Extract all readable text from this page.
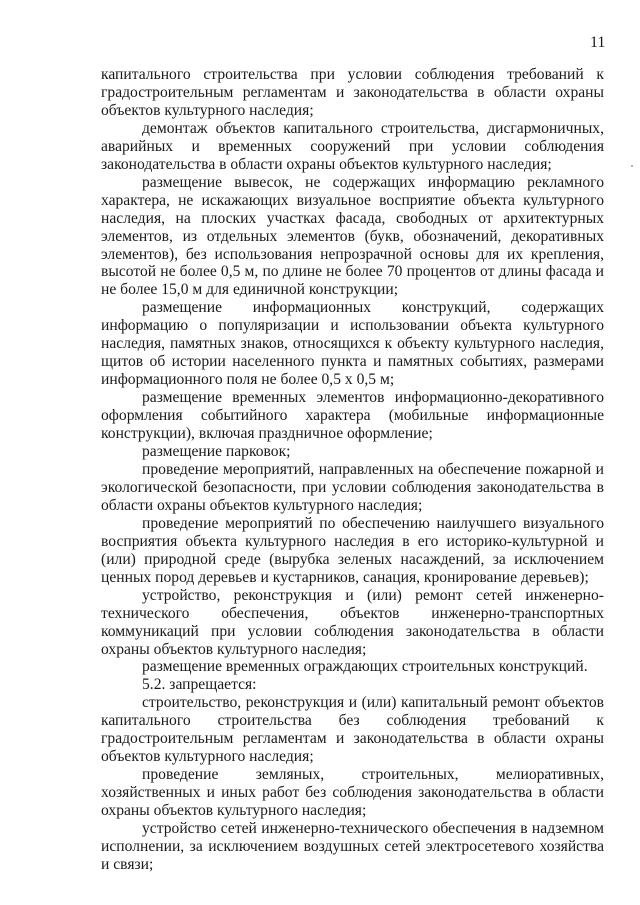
11

капитального строительства при условии соблюдения требований к градостроительным регламентам и законодательства в области охраны объектов культурного наследия;

демонтаж объектов капитального строительства, дисгармоничных, аварийных и временных сооружений при условии соблюдения законодательства в области охраны объектов культурного наследия;

размещение вывесок, не содержащих информацию рекламного характера, не искажающих визуальное восприятие объекта культурного наследия, на плоских участках фасада, свободных от архитектурных элементов, из отдельных элементов (букв, обозначений, декоративных элементов), без использования непрозрачной основы для их крепления, высотой не более 0,5 м, по длине не более 70 процентов от длины фасада и не более 15,0 м для единичной конструкции;

размещение информационных конструкций, содержащих информацию о популяризации и использовании объекта культурного наследия, памятных знаков, относящихся к объекту культурного наследия, щитов об истории населенного пункта и памятных событиях, размерами информационного поля не более 0,5 х 0,5 м;

размещение временных элементов информационно-декоративного оформления событийного характера (мобильные информационные конструкции), включая праздничное оформление;

размещение парковок;

проведение мероприятий, направленных на обеспечение пожарной и экологической безопасности, при условии соблюдения законодательства в области охраны объектов культурного наследия;

проведение мероприятий по обеспечению наилучшего визуального восприятия объекта культурного наследия в его историко-культурной и (или) природной среде (вырубка зеленых насаждений, за исключением ценных пород деревьев и кустарников, санация, кронирование деревьев);

устройство, реконструкция и (или) ремонт сетей инженерно-технического обеспечения, объектов инженерно-транспортных коммуникаций при условии соблюдения законодательства в области охраны объектов культурного наследия;

размещение временных ограждающих строительных конструкций.

5.2. запрещается:

строительство, реконструкция и (или) капитальный ремонт объектов капитального строительства без соблюдения требований к градостроительным регламентам и законодательства в области охраны объектов культурного наследия;

проведение земляных, строительных, мелиоративных, хозяйственных и иных работ без соблюдения законодательства в области охраны объектов культурного наследия;

устройство сетей инженерно-технического обеспечения в надземном исполнении, за исключением воздушных сетей электросетевого хозяйства и связи;
